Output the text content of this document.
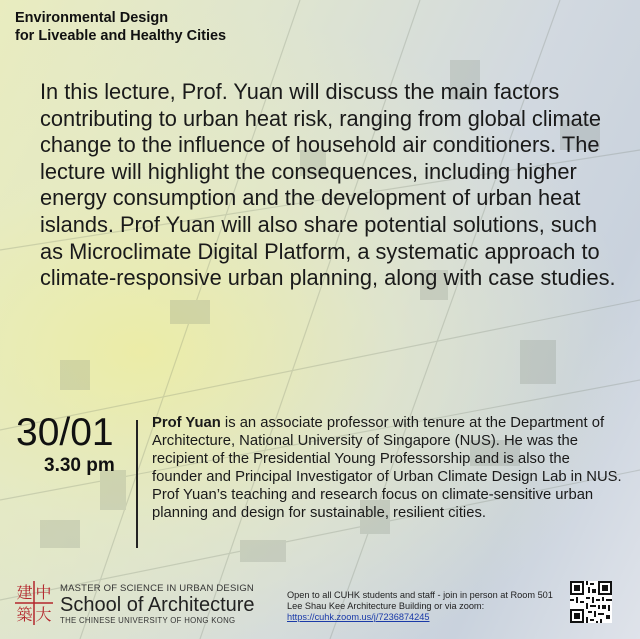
Environmental Design
for Liveable and Healthy Cities
In this lecture, Prof. Yuan will discuss the main factors contributing to urban heat risk, ranging from global climate change to the influence of household air conditioners. The lecture will highlight the consequences, including higher energy consumption and the development of urban heat islands. Prof Yuan will also share potential solutions, such as Microclimate Digital Platform, a systematic approach to climate-responsive urban planning, along with case studies.
30/01
3.30 pm
Prof Yuan is an associate professor with tenure at the Department of Architecture, National University of Singapore (NUS). He was the recipient of the Presidential Young Professorship and is also the founder and Principal Investigator of Urban Climate Design Lab in NUS. Prof Yuan’s teaching and research focus on climate-sensitive urban planning and design for sustainable, resilient cities.
建 中
築 大
MASTER OF SCIENCE IN URBAN DESIGN
School of Architecture
THE CHINESE UNIVERSITY OF HONG KONG
Open to all CUHK students and staff - join in person at Room 501
Lee Shau Kee Architecture Building or via zoom:
https://cuhk.zoom.us/j/7236874245
